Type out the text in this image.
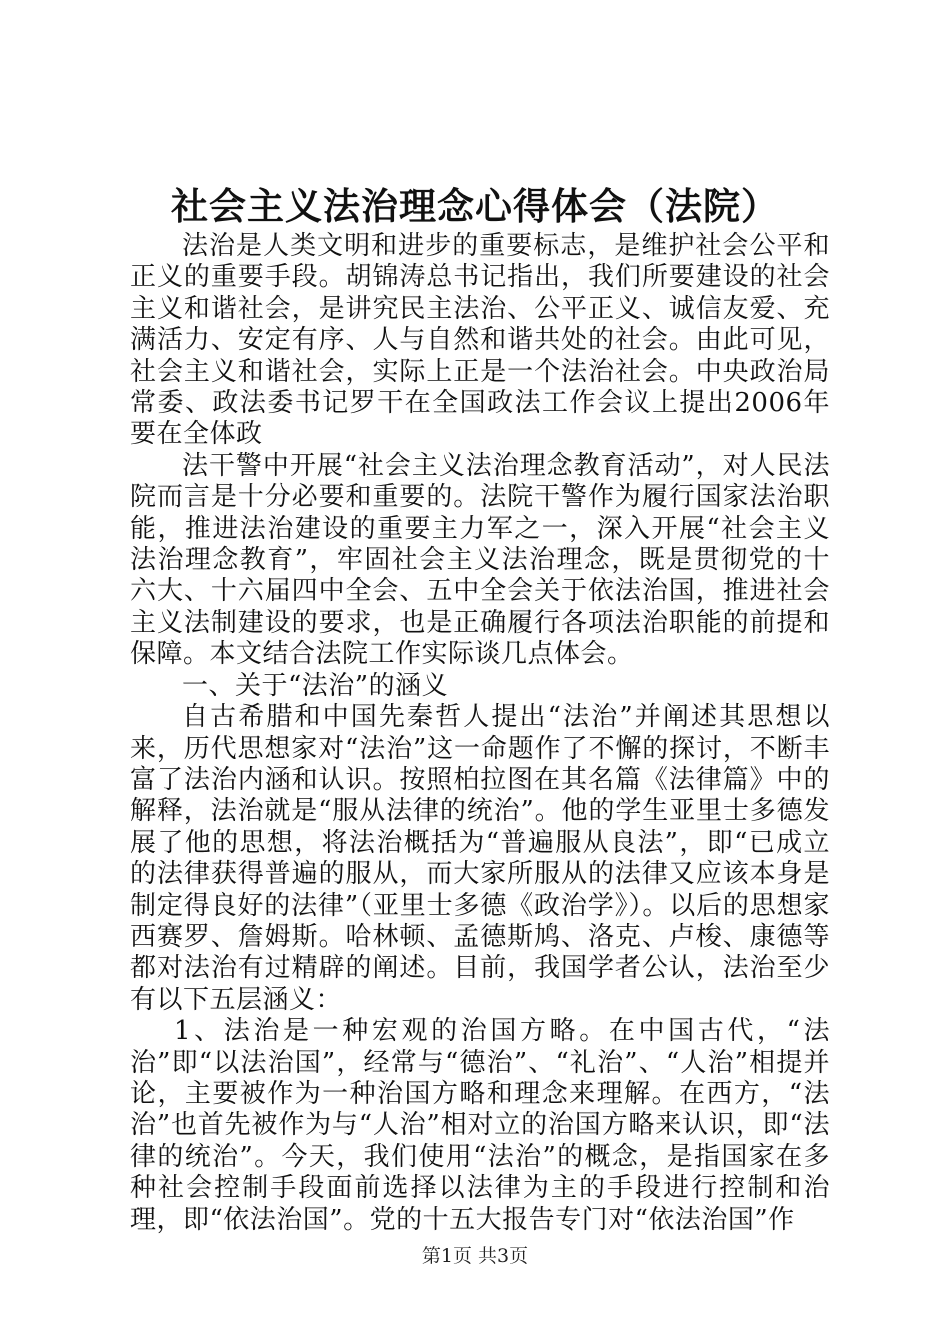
社会主义法治理念心得体会（法院）

法治是人类文明和进步的重要标志，是维护社会公平和正义的重要手段。胡锦涛总书记指出，我们所要建设的社会主义和谐社会，是讲究民主法治、公平正义、诚信友爱、充满活力、安定有序、人与自然和谐共处的社会。由此可见，社会主义和谐社会，实际上正是一个法治社会。中央政治局常委、政法委书记罗干在全国政法工作会议上提出2006年要在全体政

法干警中开展“社会主义法治理念教育活动”，对人民法院而言是十分必要和重要的。法院干警作为履行国家法治职能，推进法治建设的重要主力军之一，深入开展“社会主义法治理念教育”，牢固社会主义法治理念，既是贯彻党的十六大、十六届四中全会、五中全会关于依法治国，推进社会主义法制建设的要求，也是正确履行各项法治职能的前提和保障。本文结合法院工作实际谈几点体会。

一、关于“法治”的涵义

自古希腊和中国先秦哲人提出“法治”并阐述其思想以来，历代思想家对“法治”这一命题作了不懈的探讨，不断丰富了法治内涵和认识。按照柏拉图在其名篇《法律篇》中的解释，法治就是“服从法律的统治”。他的学生亚里士多德发展了他的思想，将法治概括为“普遍服从良法”，即“已成立的法律获得普遍的服从，而大家所服从的法律又应该本身是制定得良好的法律”（亚里士多德《政治学》）。以后的思想家西赛罗、詹姆斯。哈林顿、孟德斯鸠、洛克、卢梭、康德等都对法治有过精辟的阐述。目前，我国学者公认，法治至少有以下五层涵义：

1、法治是一种宏观的治国方略。在中国古代，“法治”即“以法治国”，经常与“德治”、“礼治”、“人治”相提并论，主要被作为一种治国方略和理念来理解。在西方，“法治”也首先被作为与“人治”相对立的治国方略来认识，即“法律的统治”。今天，我们使用“法治”的概念，是指国家在多种社会控制手段面前选择以法律为主的手段进行控制和治理，即“依法治国”。党的十五大报告专门对“依法治国”作

第1页 共3页
